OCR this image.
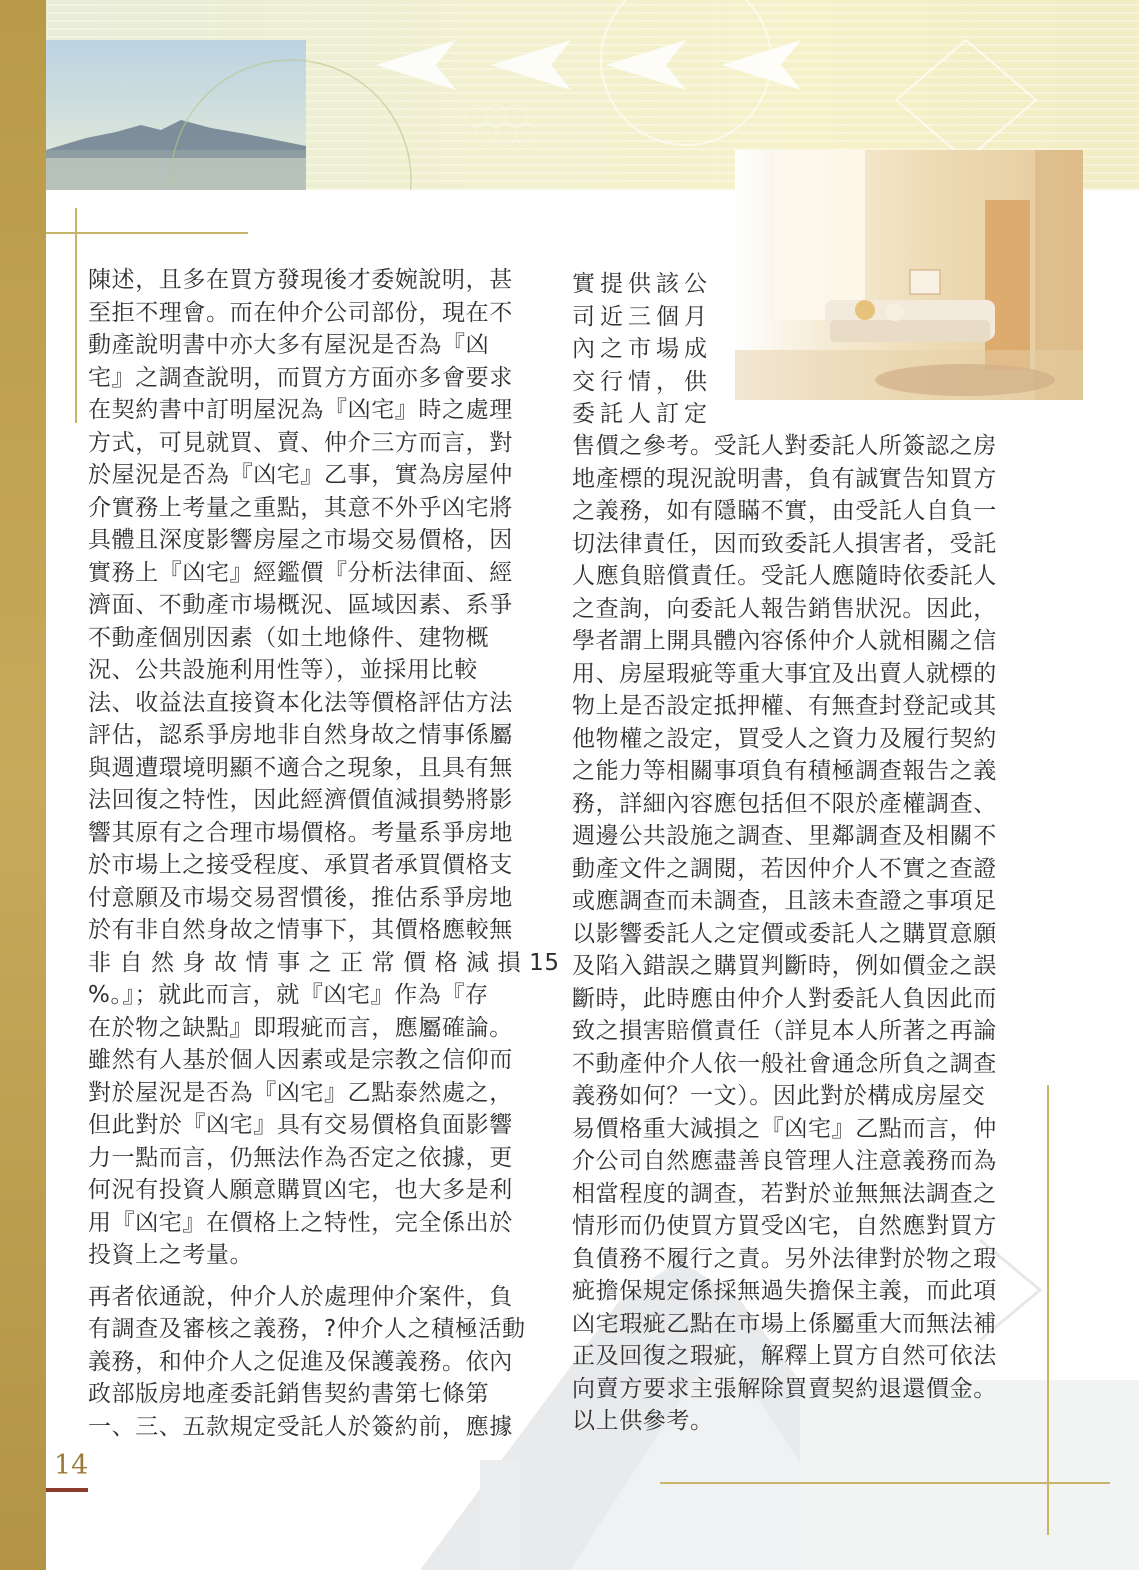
陳述，且多在買方發現後才委婉說明，甚

至拒不理會。而在仲介公司部份，現在不

動產說明書中亦大多有屋況是否為『凶

宅』之調查說明，而買方方面亦多會要求

在契約書中訂明屋況為『凶宅』時之處理

方式，可見就買、賣、仲介三方而言，對

於屋況是否為『凶宅』乙事，實為房屋仲

介實務上考量之重點，其意不外乎凶宅將

具體且深度影響房屋之市場交易價格，因

實務上『凶宅』經鑑價『分析法律面、經

濟面、不動產市場概況、區域因素、系爭

不動產個別因素（如土地條件、建物概

況、公共設施利用性等），並採用比較

法、收益法直接資本化法等價格評估方法

評估，認系爭房地非自然身故之情事係屬

與週遭環境明顯不適合之現象，且具有無

法回復之特性，因此經濟價值減損勢將影

響其原有之合理市場價格。考量系爭房地

於市場上之接受程度、承買者承買價格支

付意願及市場交易習慣後，推估系爭房地

於有非自然身故之情事下，其價格應較無

非 自 然 身 故 情 事 之 正 常 價 格 減 損 15

%。』；就此而言，就『凶宅』作為『存

在於物之缺點』即瑕疵而言，應屬確論。

雖然有人基於個人因素或是宗教之信仰而

對於屋況是否為『凶宅』乙點泰然處之，

但此對於『凶宅』具有交易價格負面影響

力一點而言，仍無法作為否定之依據，更

何況有投資人願意購買凶宅，也大多是利

用『凶宅』在價格上之特性，完全係出於

投資上之考量。

再者依通說，仲介人於處理仲介案件，負

有調查及審核之義務，?仲介人之積極活動

義務，和仲介人之促進及保護義務。依內

政部版房地產委託銷售契約書第七條第

一、三、五款規定受託人於簽約前，應據

實提供該公

司近三個月

內之市場成

交行情，供

委託人訂定

售價之參考。受託人對委託人所簽認之房

地產標的現況說明書，負有誠實告知買方

之義務，如有隱瞞不實，由受託人自負一

切法律責任，因而致委託人損害者，受託

人應負賠償責任。受託人應隨時依委託人

之查詢，向委託人報告銷售狀況。因此，

學者謂上開具體內容係仲介人就相關之信

用、房屋瑕疵等重大事宜及出賣人就標的

物上是否設定抵押權、有無查封登記或其

他物權之設定，買受人之資力及履行契約

之能力等相關事項負有積極調查報告之義

務，詳細內容應包括但不限於產權調查、

週邊公共設施之調查、里鄰調查及相關不

動產文件之調閱，若因仲介人不實之查證

或應調查而未調查，且該未查證之事項足

以影響委託人之定價或委託人之購買意願

及陷入錯誤之購買判斷時，例如價金之誤

斷時，此時應由仲介人對委託人負因此而

致之損害賠償責任（詳見本人所著之再論

不動產仲介人依一般社會通念所負之調查

義務如何？一文）。因此對於構成房屋交

易價格重大減損之『凶宅』乙點而言，仲

介公司自然應盡善良管理人注意義務而為

相當程度的調查，若對於並無無法調查之

情形而仍使買方買受凶宅，自然應對買方

負債務不履行之責。另外法律對於物之瑕

疵擔保規定係採無過失擔保主義，而此項

凶宅瑕疵乙點在市場上係屬重大而無法補

正及回復之瑕疵，解釋上買方自然可依法

向賣方要求主張解除買賣契約退還價金。

以上供參考。

14
